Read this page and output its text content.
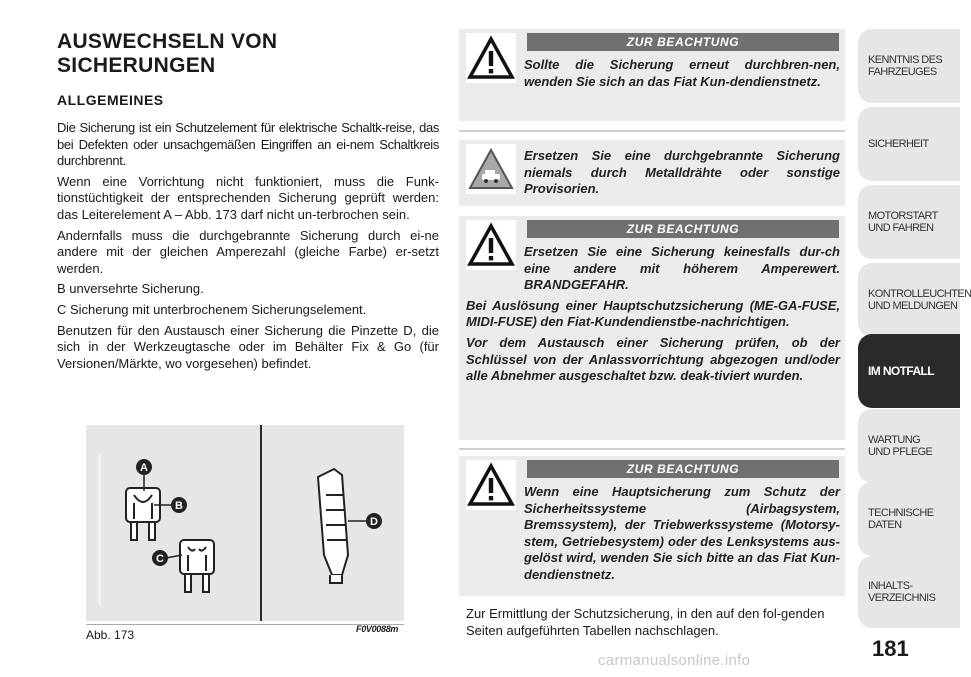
AUSWECHSELN VON
SICHERUNGEN
ALLGEMEINES

Die Sicherung ist ein Schutzelement für elektrische Schaltk-reise, das bei Defekten oder unsachgemäßen Eingriffen an ei-nem Schaltkreis durchbrennt.

Wenn eine Vorrichtung nicht funktioniert, muss die Funk-tionstüchtigkeit der entsprechenden Sicherung geprüft werden: das Leiterelement A – Abb. 173 darf nicht un-terbrochen sein.

Andernfalls muss die durchgebrannte Sicherung durch ei-ne andere mit der gleichen Amperezahl (gleiche Farbe) er-setzt werden.

B unversehrte Sicherung.

C Sicherung mit unterbrochenem Sicherungselement.

Benutzen für den Austausch einer Sicherung die Pinzette D, die sich in der Werkzeugtasche oder im Behälter Fix & Go (für Versionen/Märkte, wo vorgesehen) befindet.

A
B
C
D
Abb. 173	F0V0088m
ZUR BEACHTUNG

Sollte die Sicherung erneut durchbren-nen, wenden Sie sich an das Fiat Kun-dendienstnetz.

Ersetzen Sie eine durchgebrannte Sicherung niemals durch Metalldrähte oder sonstige Provisorien.

ZUR BEACHTUNG

Ersetzen Sie eine Sicherung keinesfalls dur-ch eine andere mit höherem Amperewert. BRANDGEFAHR.

Bei Auslösung einer Hauptschutzsicherung (ME-GA-FUSE, MIDI-FUSE) den Fiat-Kundendienstbe-nachrichtigen.

Vor dem Austausch einer Sicherung prüfen, ob der Schlüssel von der Anlassvorrichtung abgezogen und/oder alle Abnehmer ausgeschaltet bzw. deak-tiviert wurden.

ZUR BEACHTUNG

Wenn eine Hauptsicherung zum Schutz der Sicherheitssysteme (Airbagsystem, Bremssystem), der Triebwerkssysteme (Motorsy-stem, Getriebesystem) oder des Lenksystems aus-gelöst wird, wenden Sie sich bitte an das Fiat Kun-dendienstnetz.

Zur Ermittlung der Schutzsicherung, in den auf den fol-genden Seiten aufgeführten Tabellen nachschlagen.
KENNTNIS DES
FAHRZEUGES
SICHERHEIT
MOTORSTART
UND FAHREN
KONTROLLEUCHTEN
UND MELDUNGEN
IM NOTFALL
WARTUNG
UND PFLEGE
TECHNISCHE DATEN
INHALTS-
VERZEICHNIS
181
carmanualsonline.info
